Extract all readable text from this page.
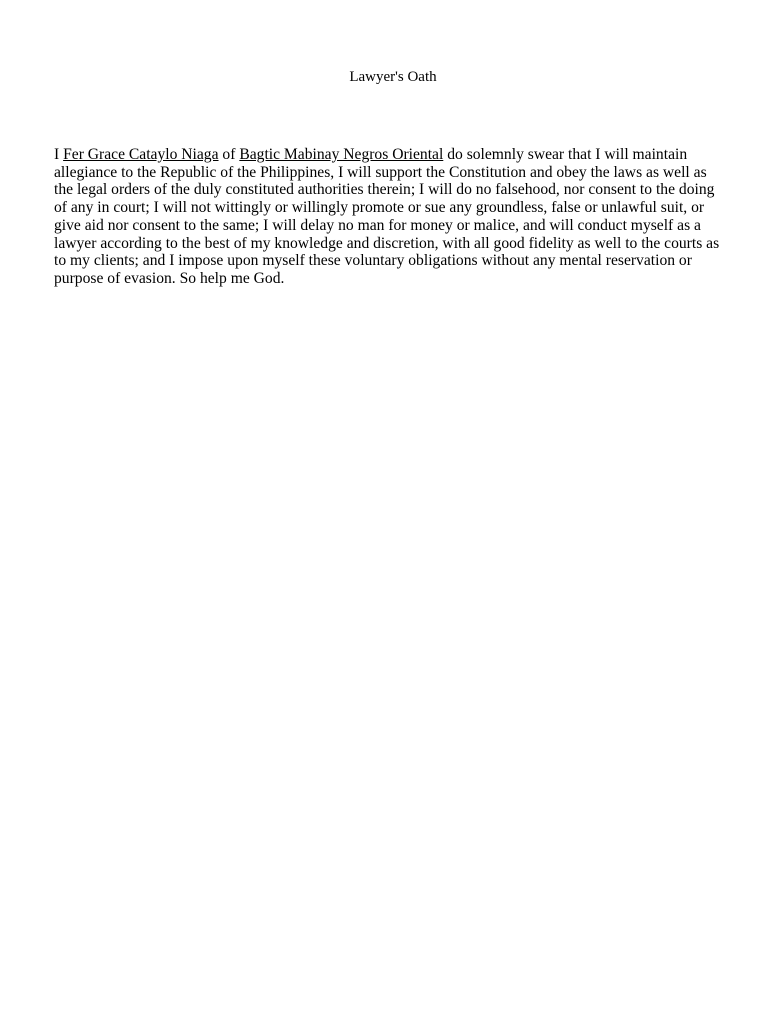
Lawyer's Oath

I Fer Grace Cataylo Niaga of Bagtic Mabinay Negros Oriental do solemnly swear that I will maintain allegiance to the Republic of the Philippines, I will support the Constitution and obey the laws as well as the legal orders of the duly constituted authorities therein; I will do no falsehood, nor consent to the doing of any in court; I will not wittingly or willingly promote or sue any groundless, false or unlawful suit, or give aid nor consent to the same; I will delay no man for money or malice, and will conduct myself as a lawyer according to the best of my knowledge and discretion, with all good fidelity as well to the courts as to my clients; and I impose upon myself these voluntary obligations without any mental reservation or purpose of evasion. So help me God.
